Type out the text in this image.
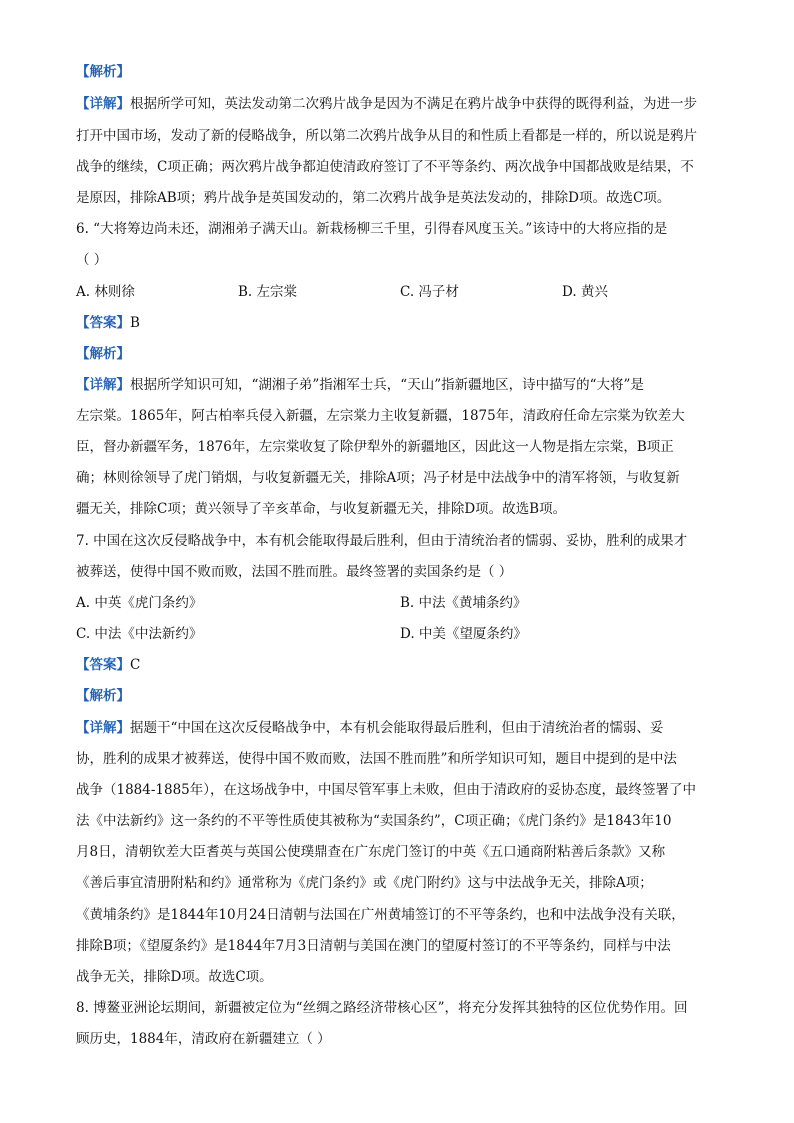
【解析】
【详解】根据所学可知，英法发动第二次鸦片战争是因为不满足在鸦片战争中获得的既得利益，为进一步
打开中国市场，发动了新的侵略战争，所以第二次鸦片战争从目的和性质上看都是一样的，所以说是鸦片
战争的继续，C项正确；两次鸦片战争都迫使清政府签订了不平等条约、两次战争中国都战败是结果，不
是原因，排除AB项；鸦片战争是英国发动的，第二次鸦片战争是英法发动的，排除D项。故选C项。
6. “大将筹边尚未还，湖湘弟子满天山。新栽杨柳三千里，引得春风度玉关。”该诗中的大将应指的是
（ ）
A. 林则徐	B. 左宗棠	C. 冯子材	D. 黄兴
【答案】B
【解析】
【详解】根据所学知识可知，“湖湘子弟”指湘军士兵，“天山”指新疆地区，诗中描写的“大将”是
左宗棠。1865年，阿古柏率兵侵入新疆，左宗棠力主收复新疆，1875年，清政府任命左宗棠为钦差大
臣，督办新疆军务，1876年，左宗棠收复了除伊犁外的新疆地区，因此这一人物是指左宗棠，B项正
确；林则徐领导了虎门销烟，与收复新疆无关，排除A项；冯子材是中法战争中的清军将领，与收复新
疆无关，排除C项；黄兴领导了辛亥革命，与收复新疆无关，排除D项。故选B项。
7. 中国在这次反侵略战争中，本有机会能取得最后胜利，但由于清统治者的懦弱、妥协，胜利的成果才
被葬送，使得中国不败而败，法国不胜而胜。最终签署的卖国条约是（ ）
A. 中英《虎门条约》	B. 中法《黄埔条约》
C. 中法《中法新约》	D. 中美《望厦条约》
【答案】C
【解析】
【详解】据题干“中国在这次反侵略战争中，本有机会能取得最后胜利，但由于清统治者的懦弱、妥
协，胜利的成果才被葬送，使得中国不败而败，法国不胜而胜”和所学知识可知，题目中提到的是中法
战争（1884-1885年），在这场战争中，中国尽管军事上未败，但由于清政府的妥协态度，最终签署了中
法《中法新约》这一条约的不平等性质使其被称为“卖国条约”，C项正确；《虎门条约》是1843年10
月8日，清朝钦差大臣耆英与英国公使璞鼎查在广东虎门签订的中英《五口通商附粘善后条款》又称
《善后事宜清册附粘和约》通常称为《虎门条约》或《虎门附约》这与中法战争无关，排除A项；
《黄埔条约》是1844年10月24日清朝与法国在广州黄埔签订的不平等条约，也和中法战争没有关联，
排除B项；《望厦条约》是1844年7月3日清朝与美国在澳门的望厦村签订的不平等条约，同样与中法
战争无关，排除D项。故选C项。
8. 博鳌亚洲论坛期间，新疆被定位为“丝绸之路经济带核心区”，将充分发挥其独特的区位优势作用。回
顾历史，1884年，清政府在新疆建立（ ）
